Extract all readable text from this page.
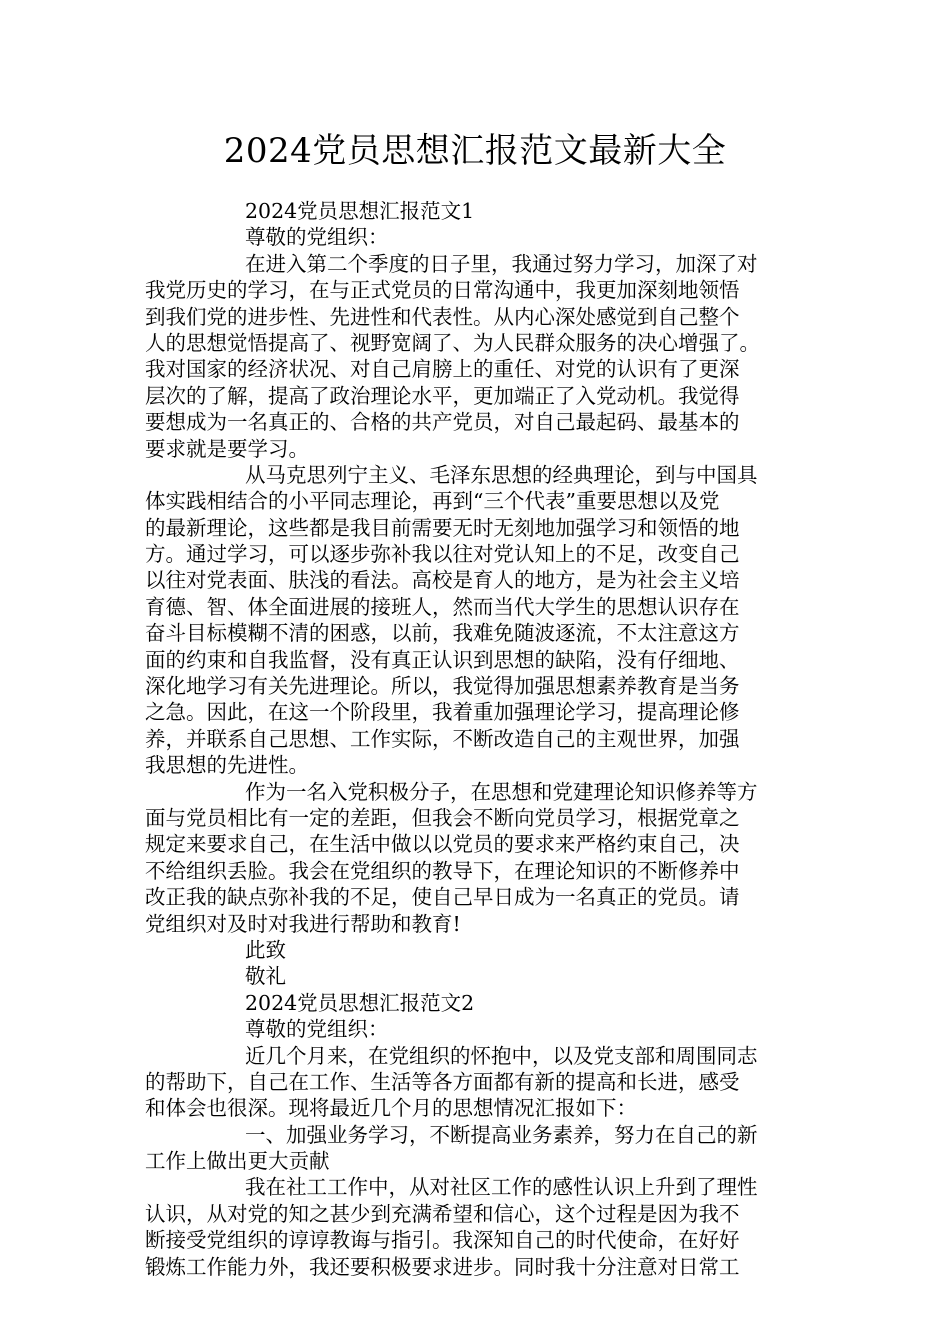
2024党员思想汇报范文最新大全
2024党员思想汇报范文1
尊敬的党组织：
在进入第二个季度的日子里，我通过努力学习，加深了对
我党历史的学习，在与正式党员的日常沟通中，我更加深刻地领悟
到我们党的进步性、先进性和代表性。从内心深处感觉到自己整个
人的思想觉悟提高了、视野宽阔了、为人民群众服务的决心增强了。
我对国家的经济状况、对自己肩膀上的重任、对党的认识有了更深
层次的了解，提高了政治理论水平，更加端正了入党动机。我觉得
要想成为一名真正的、合格的共产党员，对自己最起码、最基本的
要求就是要学习。
从马克思列宁主义、毛泽东思想的经典理论，到与中国具
体实践相结合的小平同志理论，再到“三个代表”重要思想以及党
的最新理论，这些都是我目前需要无时无刻地加强学习和领悟的地
方。通过学习，可以逐步弥补我以往对党认知上的不足，改变自己
以往对党表面、肤浅的看法。高校是育人的地方，是为社会主义培
育德、智、体全面进展的接班人，然而当代大学生的思想认识存在
奋斗目标模糊不清的困惑，以前，我难免随波逐流，不太注意这方
面的约束和自我监督，没有真正认识到思想的缺陷，没有仔细地、
深化地学习有关先进理论。所以，我觉得加强思想素养教育是当务
之急。因此，在这一个阶段里，我着重加强理论学习，提高理论修
养，并联系自己思想、工作实际，不断改造自己的主观世界，加强
我思想的先进性。
作为一名入党积极分子，在思想和党建理论知识修养等方
面与党员相比有一定的差距，但我会不断向党员学习，根据党章之
规定来要求自己，在生活中做以以党员的要求来严格约束自己，决
不给组织丢脸。我会在党组织的教导下，在理论知识的不断修养中
改正我的缺点弥补我的不足，使自己早日成为一名真正的党员。请
党组织对及时对我进行帮助和教育!
此致
敬礼
2024党员思想汇报范文2
尊敬的党组织：
近几个月来，在党组织的怀抱中，以及党支部和周围同志
的帮助下，自己在工作、生活等各方面都有新的提高和长进，感受
和体会也很深。现将最近几个月的思想情况汇报如下：
一、加强业务学习，不断提高业务素养，努力在自己的新
工作上做出更大贡献
我在社工工作中，从对社区工作的感性认识上升到了理性
认识，从对党的知之甚少到充满希望和信心，这个过程是因为我不
断接受党组织的谆谆教诲与指引。我深知自己的时代使命，在好好
锻炼工作能力外，我还要积极要求进步。同时我十分注意对日常工
